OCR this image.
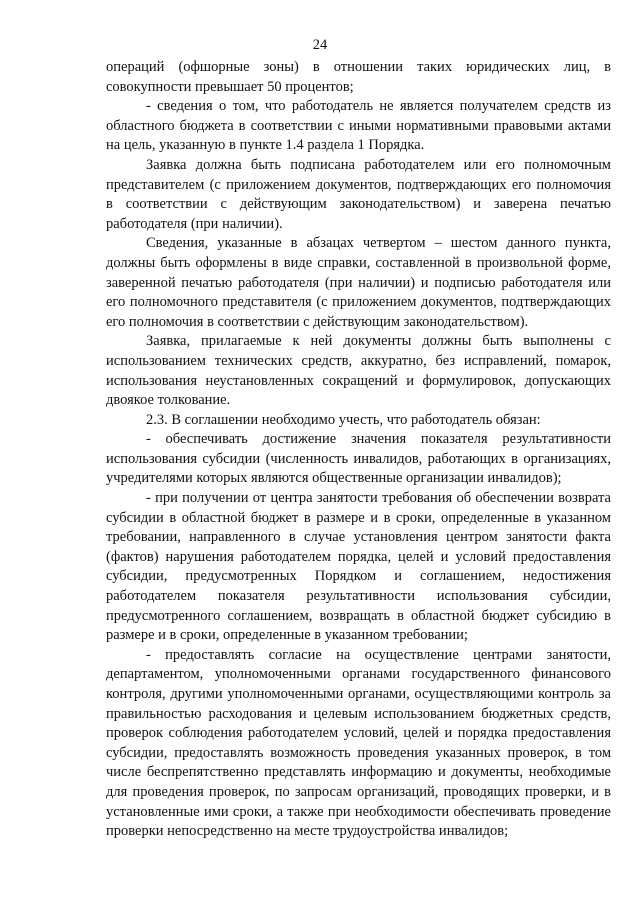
24

операций (офшорные зоны) в отношении таких юридических лиц, в совокупности превышает 50 процентов;

- сведения о том, что работодатель не является получателем средств из областного бюджета в соответствии с иными нормативными правовыми актами на цель, указанную в пункте 1.4 раздела 1 Порядка.

Заявка должна быть подписана работодателем или его полномочным представителем (с приложением документов, подтверждающих его полномочия в соответствии с действующим законодательством) и заверена печатью работодателя (при наличии).

Сведения, указанные в абзацах четвертом – шестом данного пункта, должны быть оформлены в виде справки, составленной в произвольной форме, заверенной печатью работодателя (при наличии) и подписью работодателя или его полномочного представителя (с приложением документов, подтверждающих его полномочия в соответствии с действующим законодательством).

Заявка, прилагаемые к ней документы должны быть выполнены с использованием технических средств, аккуратно, без исправлений, помарок, использования неустановленных сокращений и формулировок, допускающих двоякое толкование.

2.3. В соглашении необходимо учесть, что работодатель обязан:

- обеспечивать достижение значения показателя результативности использования субсидии (численность инвалидов, работающих в организациях, учредителями которых являются общественные организации инвалидов);

- при получении от центра занятости требования об обеспечении возврата субсидии в областной бюджет в размере и в сроки, определенные в указанном требовании, направленного в случае установления центром занятости факта (фактов) нарушения работодателем порядка, целей и условий предоставления субсидии, предусмотренных Порядком и соглашением, недостижения работодателем показателя результативности использования субсидии, предусмотренного соглашением, возвращать в областной бюджет субсидию в размере и в сроки, определенные в указанном требовании;

- предоставлять согласие на осуществление центрами занятости, департаментом, уполномоченными органами государственного финансового контроля, другими уполномоченными органами, осуществляющими контроль за правильностью расходования и целевым использованием бюджетных средств, проверок соблюдения работодателем условий, целей и порядка предоставления субсидии, предоставлять возможность проведения указанных проверок, в том числе беспрепятственно представлять информацию и документы, необходимые для проведения проверок, по запросам организаций, проводящих проверки, и в установленные ими сроки, а также при необходимости обеспечивать проведение проверки непосредственно на месте трудоустройства инвалидов;
